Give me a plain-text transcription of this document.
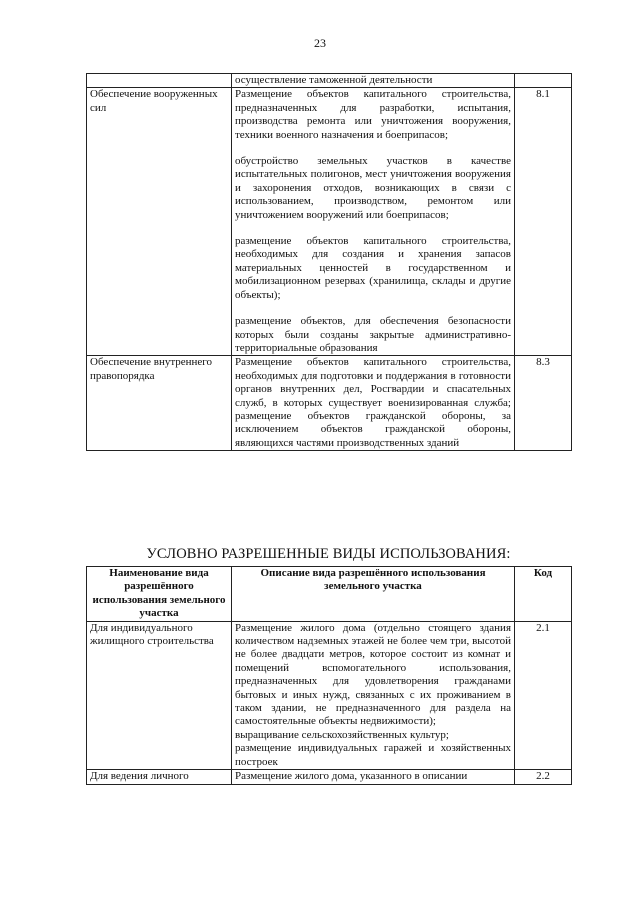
23

	осуществление таможенной деятельности	

Обеспечение вооруженных сил	Размещение объектов капитального строительства, предназначенных для разработки, испытания, производства ремонта или уничтожения вооружения, техники военного назначения и боеприпасов;

обустройство земельных участков в качестве испытательных полигонов, мест уничтожения вооружения и захоронения отходов, возникающих в связи с использованием, производством, ремонтом или уничтожением вооружений или боеприпасов;

размещение объектов капитального строительства, необходимых для создания и хранения запасов материальных ценностей в государственном и мобилизационном резервах (хранилища, склады и другие объекты);

размещение объектов, для обеспечения безопасности которых были созданы закрытые административно-территориальные образования	8.1
Обеспечение внутреннего правопорядка	Размещение объектов капитального строительства, необходимых для подготовки и поддержания в готовности органов внутренних дел, Росгвардии и спасательных служб, в которых существует военизированная служба; размещение объектов гражданской обороны, за исключением объектов гражданской обороны, являющихся частями производственных зданий	8.3
УСЛОВНО РАЗРЕШЕННЫЕ ВИДЫ ИСПОЛЬЗОВАНИЯ:
Наименование вида разрешённого использования земельного участка	Описание вида разрешённого использования земельного участка	Код
Для индивидуального жилищного строительства	Размещение жилого дома (отдельно стоящего здания количеством надземных этажей не более чем три, высотой не более двадцати метров, которое состоит из комнат и помещений вспомогательного использования, предназначенных для удовлетворения гражданами бытовых и иных нужд, связанных с их проживанием в таком здании, не предназначенного для раздела на самостоятельные объекты недвижимости);

выращивание сельскохозяйственных культур;

размещение индивидуальных гаражей и хозяйственных построек	2.1
Для ведения личного	Размещение жилого дома, указанного в описании	2.2
